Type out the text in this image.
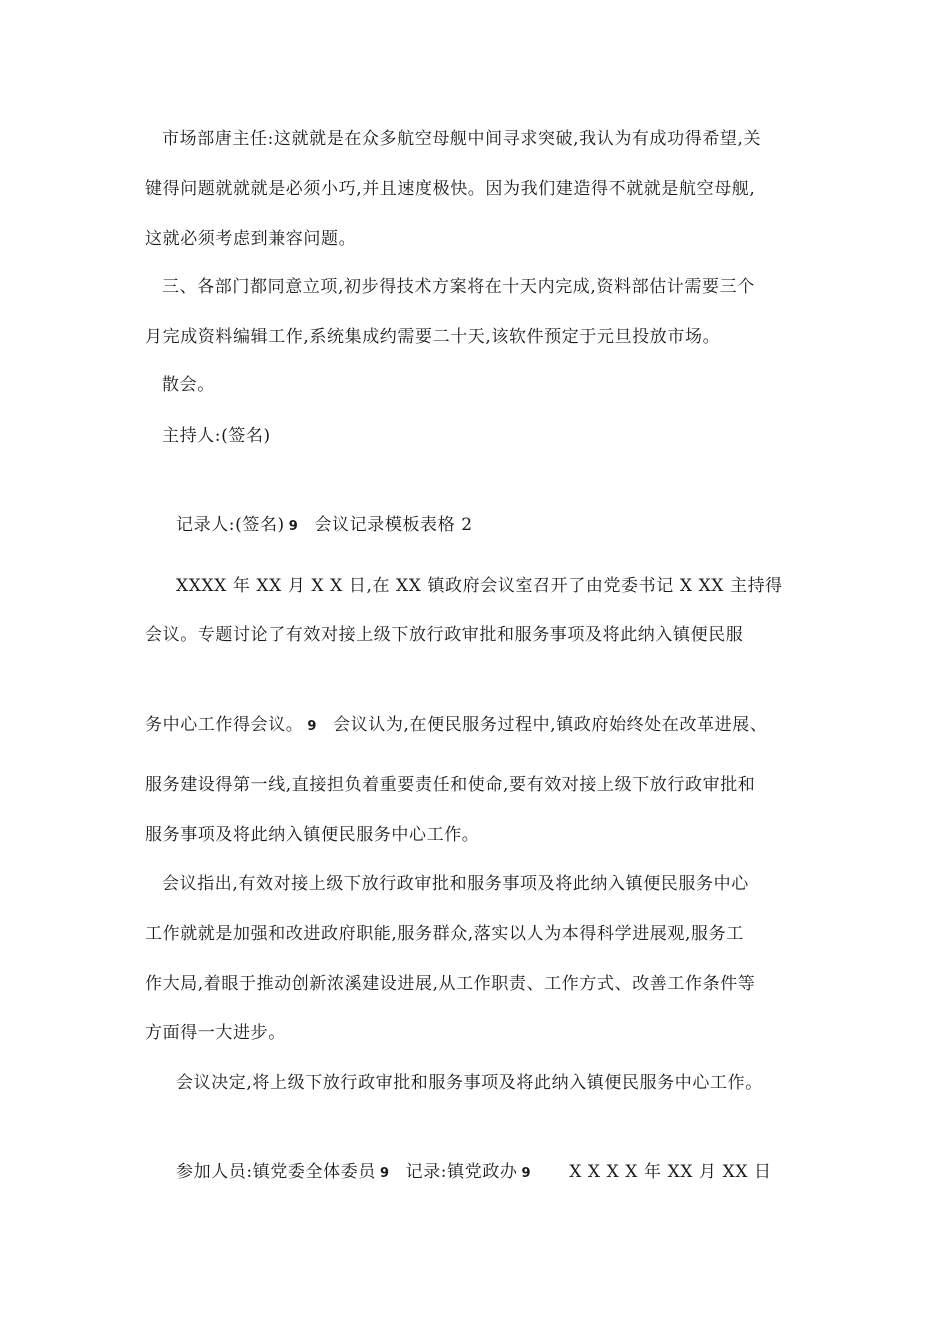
市场部唐主任:这就就是在众多航空母舰中间寻求突破,我认为有成功得希望,关
键得问题就就就是必须小巧,并且速度极快。因为我们建造得不就就是航空母舰,
这就必须考虑到兼容问题。
三、各部门都同意立项,初步得技术方案将在十天内完成,资料部估计需要三个
月完成资料编辑工作,系统集成约需要二十天,该软件预定于元旦投放市场。
散会。
主持人:(签名)
记录人:(签名) 9 会议记录模板表格 2
XXXX 年 XX 月 X X 日,在 XX 镇政府会议室召开了由党委书记 X XX 主持得
会议。专题讨论了有效对接上级下放行政审批和服务事项及将此纳入镇便民服
务中心工作得会议。 9 会议认为,在便民服务过程中,镇政府始终处在改革进展、
服务建设得第一线,直接担负着重要责任和使命,要有效对接上级下放行政审批和
服务事项及将此纳入镇便民服务中心工作。
会议指出,有效对接上级下放行政审批和服务事项及将此纳入镇便民服务中心
工作就就是加强和改进政府职能,服务群众,落实以人为本得科学进展观,服务工
作大局,着眼于推动创新浓溪建设进展,从工作职责、工作方式、改善工作条件等
方面得一大进步。
会议决定,将上级下放行政审批和服务事项及将此纳入镇便民服务中心工作。
参加人员:镇党委全体委员 9 记录:镇党政办 9 X X X X 年 XX 月 XX 日
